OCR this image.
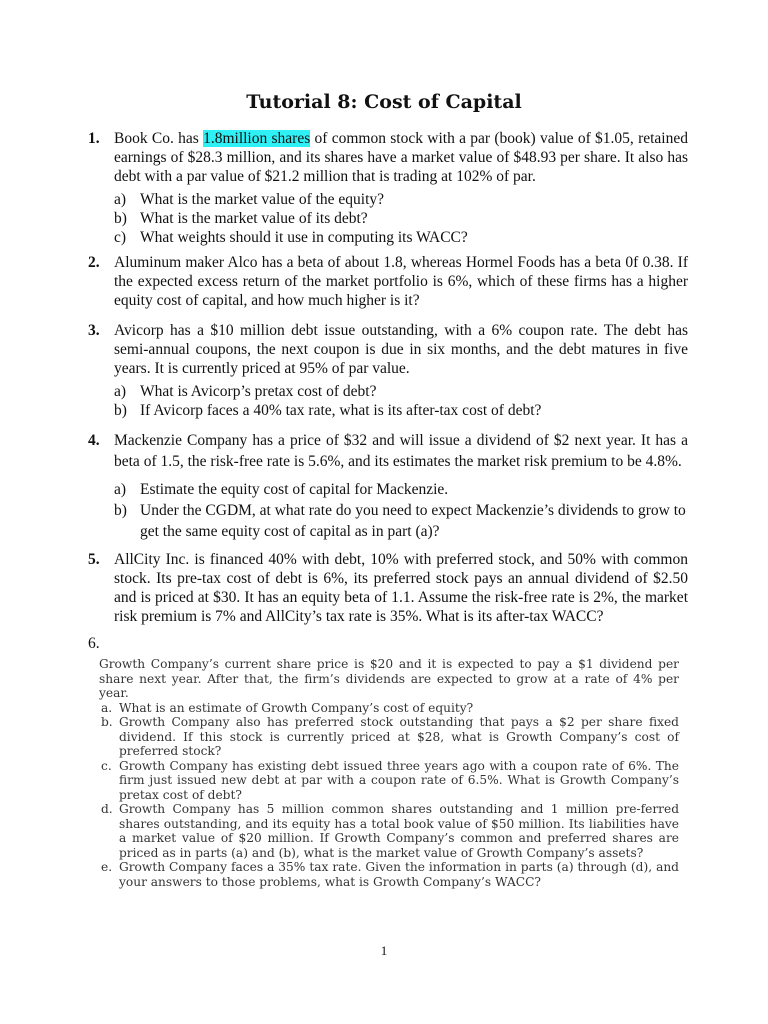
Tutorial 8: Cost of Capital
1. Book Co. has 1.8million shares of common stock with a par (book) value of $1.05, retained earnings of $28.3 million, and its shares have a market value of $48.93 per share. It also has debt with a par value of $21.2 million that is trading at 102% of par.

a) What is the market value of the equity?
b) What is the market value of its debt?
c) What weights should it use in computing its WACC?
2. Aluminum maker Alco has a beta of about 1.8, whereas Hormel Foods has a beta 0f 0.38. If the expected excess return of the market portfolio is 6%, which of these firms has a higher equity cost of capital, and how much higher is it?

3. Avicorp has a $10 million debt issue outstanding, with a 6% coupon rate. The debt has semi-annual coupons, the next coupon is due in six months, and the debt matures in five years. It is currently priced at 95% of par value.

a) What is Avicorp’s pretax cost of debt?
b) If Avicorp faces a 40% tax rate, what is its after-tax cost of debt?
4. Mackenzie Company has a price of $32 and will issue a dividend of $2 next year. It has a beta of 1.5, the risk-free rate is 5.6%, and its estimates the market risk premium to be 4.8%.

a) Estimate the equity cost of capital for Mackenzie.
b) Under the CGDM, at what rate do you need to expect Mackenzie’s dividends to grow to get the same equity cost of capital as in part (a)?
5. AllCity Inc. is financed 40% with debt, 10% with preferred stock, and 50% with common stock. Its pre-tax cost of debt is 6%, its preferred stock pays an annual dividend of $2.50 and is priced at $30. It has an equity beta of 1.1. Assume the risk-free rate is 2%, the market risk premium is 7% and AllCity’s tax rate is 35%. What is its after-tax WACC?

6.

Growth Company’s current share price is $20 and it is expected to pay a $1 dividend per share next year. After that, the firm’s dividends are expected to grow at a rate of 4% per year.

a. What is an estimate of Growth Company’s cost of equity?
b. Growth Company also has preferred stock outstanding that pays a $2 per share fixed dividend. If this stock is currently priced at $28, what is Growth Company’s cost of preferred stock?
c. Growth Company has existing debt issued three years ago with a coupon rate of 6%. The firm just issued new debt at par with a coupon rate of 6.5%. What is Growth Company’s pretax cost of debt?
d. Growth Company has 5 million common shares outstanding and 1 million pre-ferred shares outstanding, and its equity has a total book value of $50 million. Its liabilities have a market value of $20 million. If Growth Company’s common and preferred shares are priced as in parts (a) and (b), what is the market value of Growth Company’s assets?
e. Growth Company faces a 35% tax rate. Given the information in parts (a) through (d), and your answers to those problems, what is Growth Company’s WACC?
1
